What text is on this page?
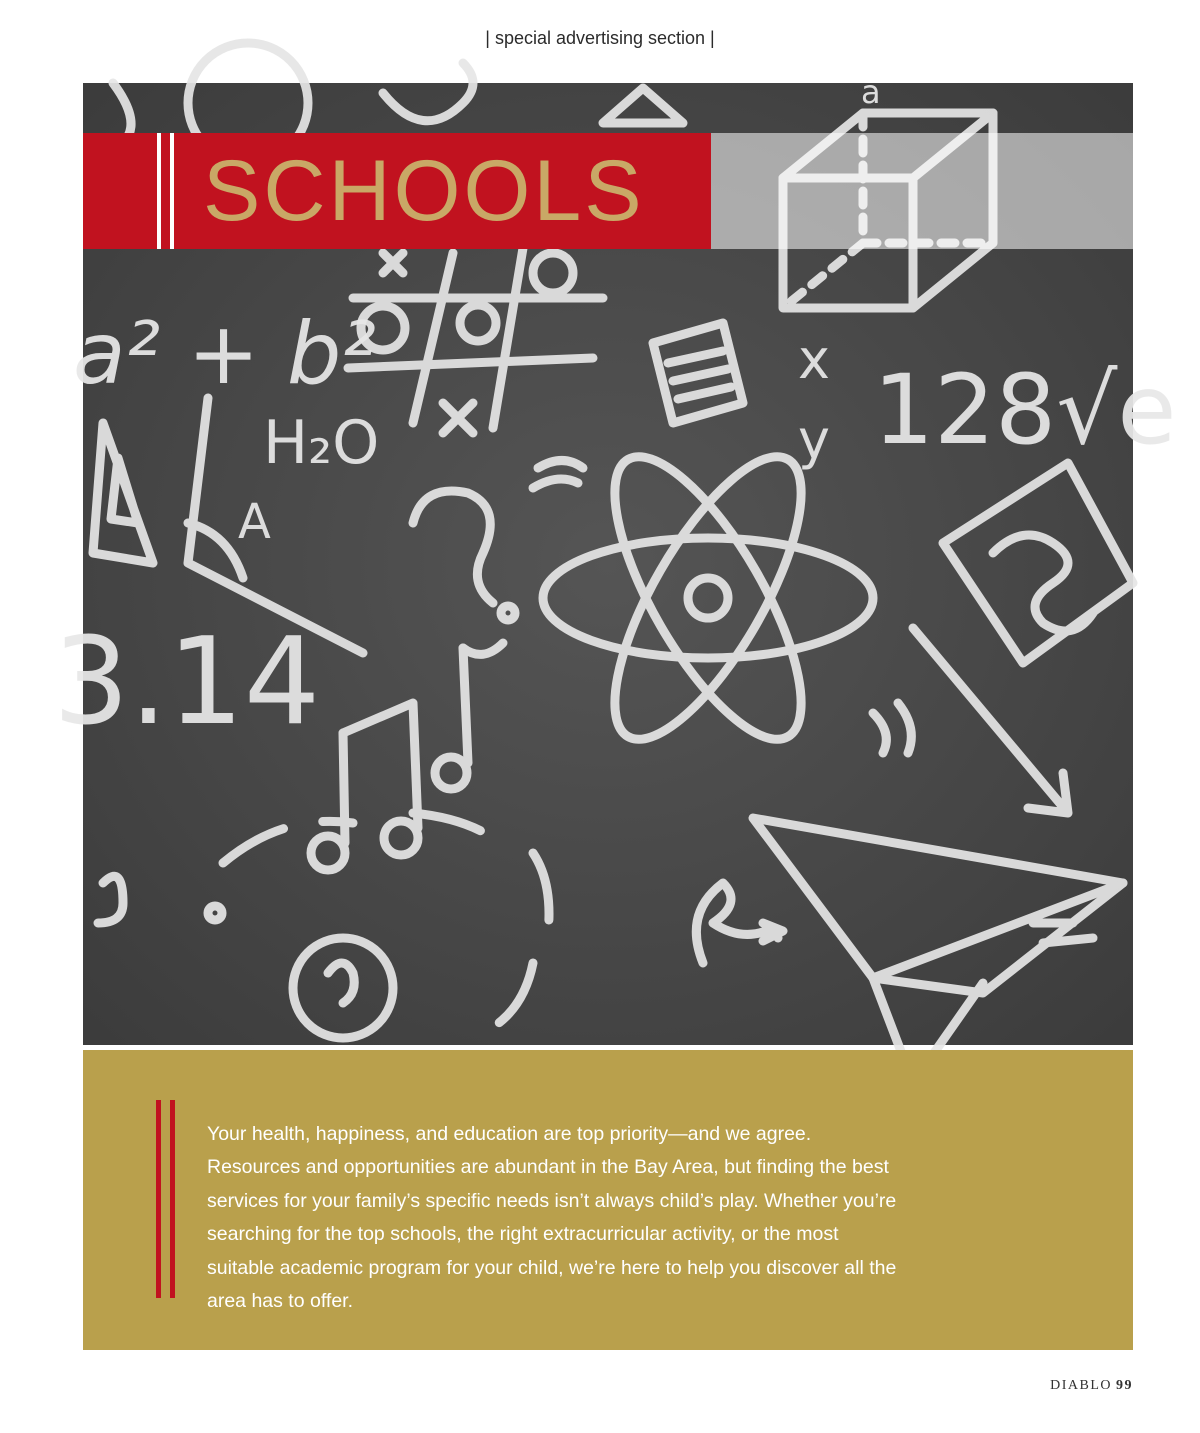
| special advertising section |
a² + b²
H₂O
A
3.14
128√e
x
y
a
SCHOOLS

Your health, happiness, and education are top priority—and we agree. Resources and opportunities are abundant in the Bay Area, but finding the best services for your family’s specific needs isn’t always child’s play. Whether you’re searching for the top schools, the right extracurricular activity, or the most suitable academic program for your child, we’re here to help you discover all the area has to offer.

DIABLO 99
